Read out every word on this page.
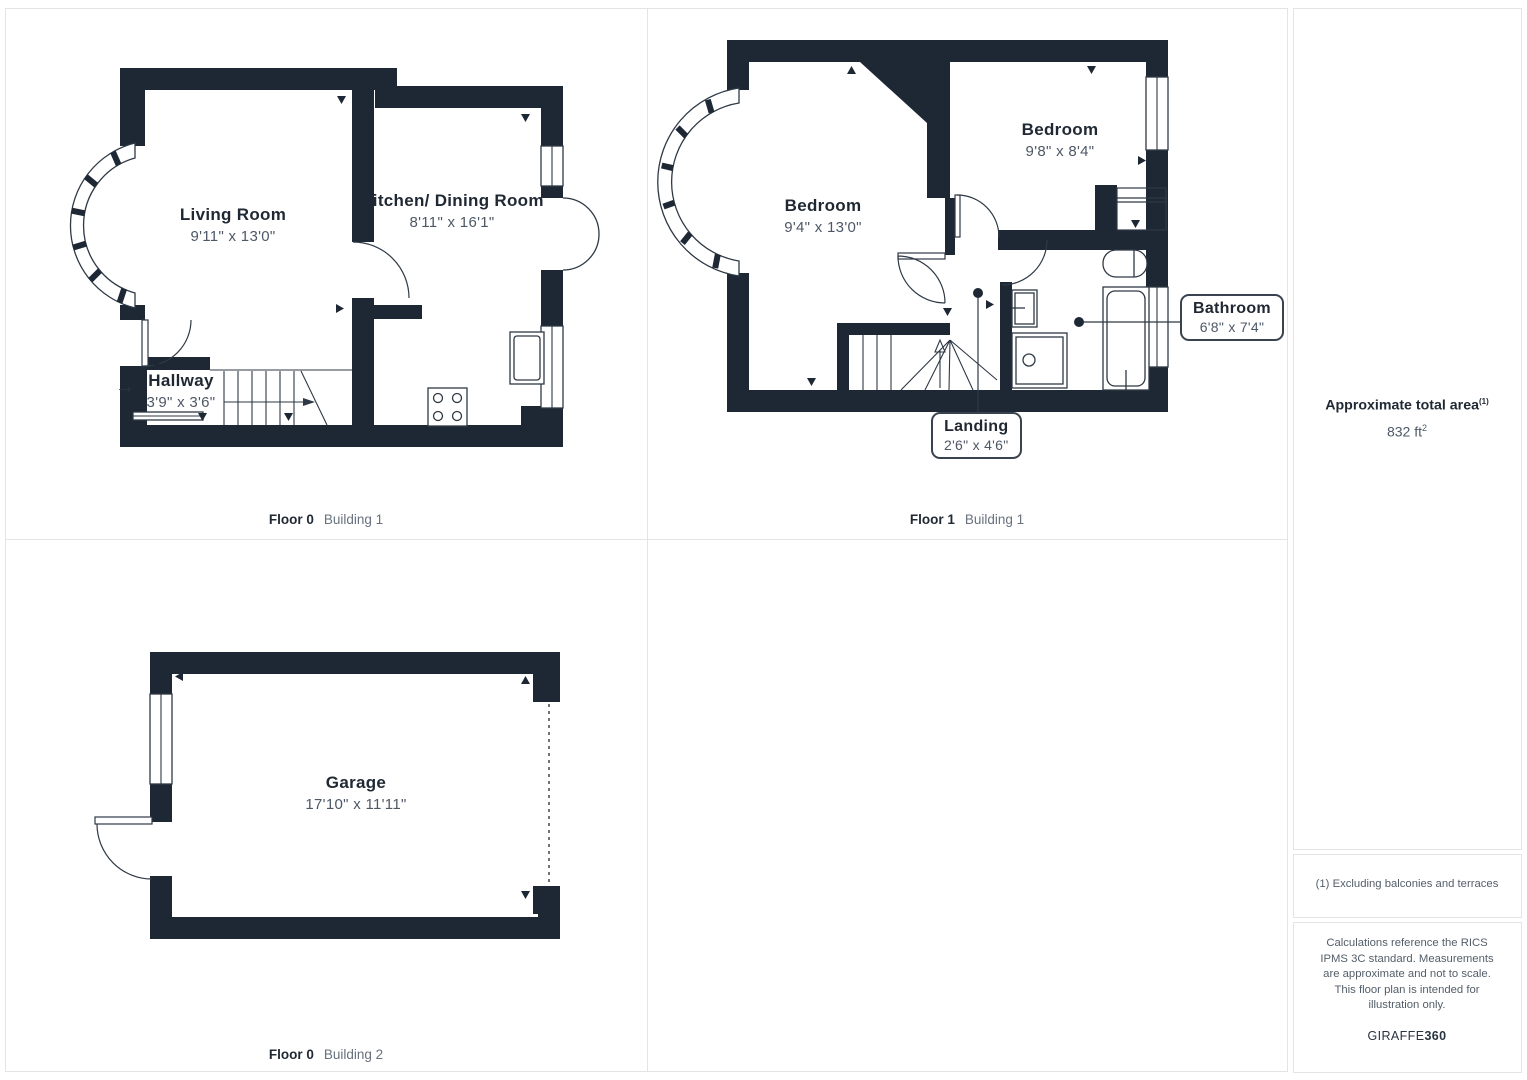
Living Room
9'11" x 13'0"
Kitchen/ Dining Room
8'11" x 16'1"
→ Hallway
3'9" x 3'6"
Bedroom
9'4" x 13'0"
Bedroom
9'8" x 8'4"
Bathroom
6'8" x 7'4"
Landing
2'6" x 4'6"
Garage
17'10" x 11'11"
Floor 0 Building 1	Floor 1 Building 1
Floor 0 Building 2
Approximate total area$^{(1)}$
832 $ft^2$
(1) Excluding balconies and terraces
Calculations reference the RICS IPMS 3C standard. Measurements are approximate and not to scale. This floor plan is intended for illustration only.
GIRAFFE360
